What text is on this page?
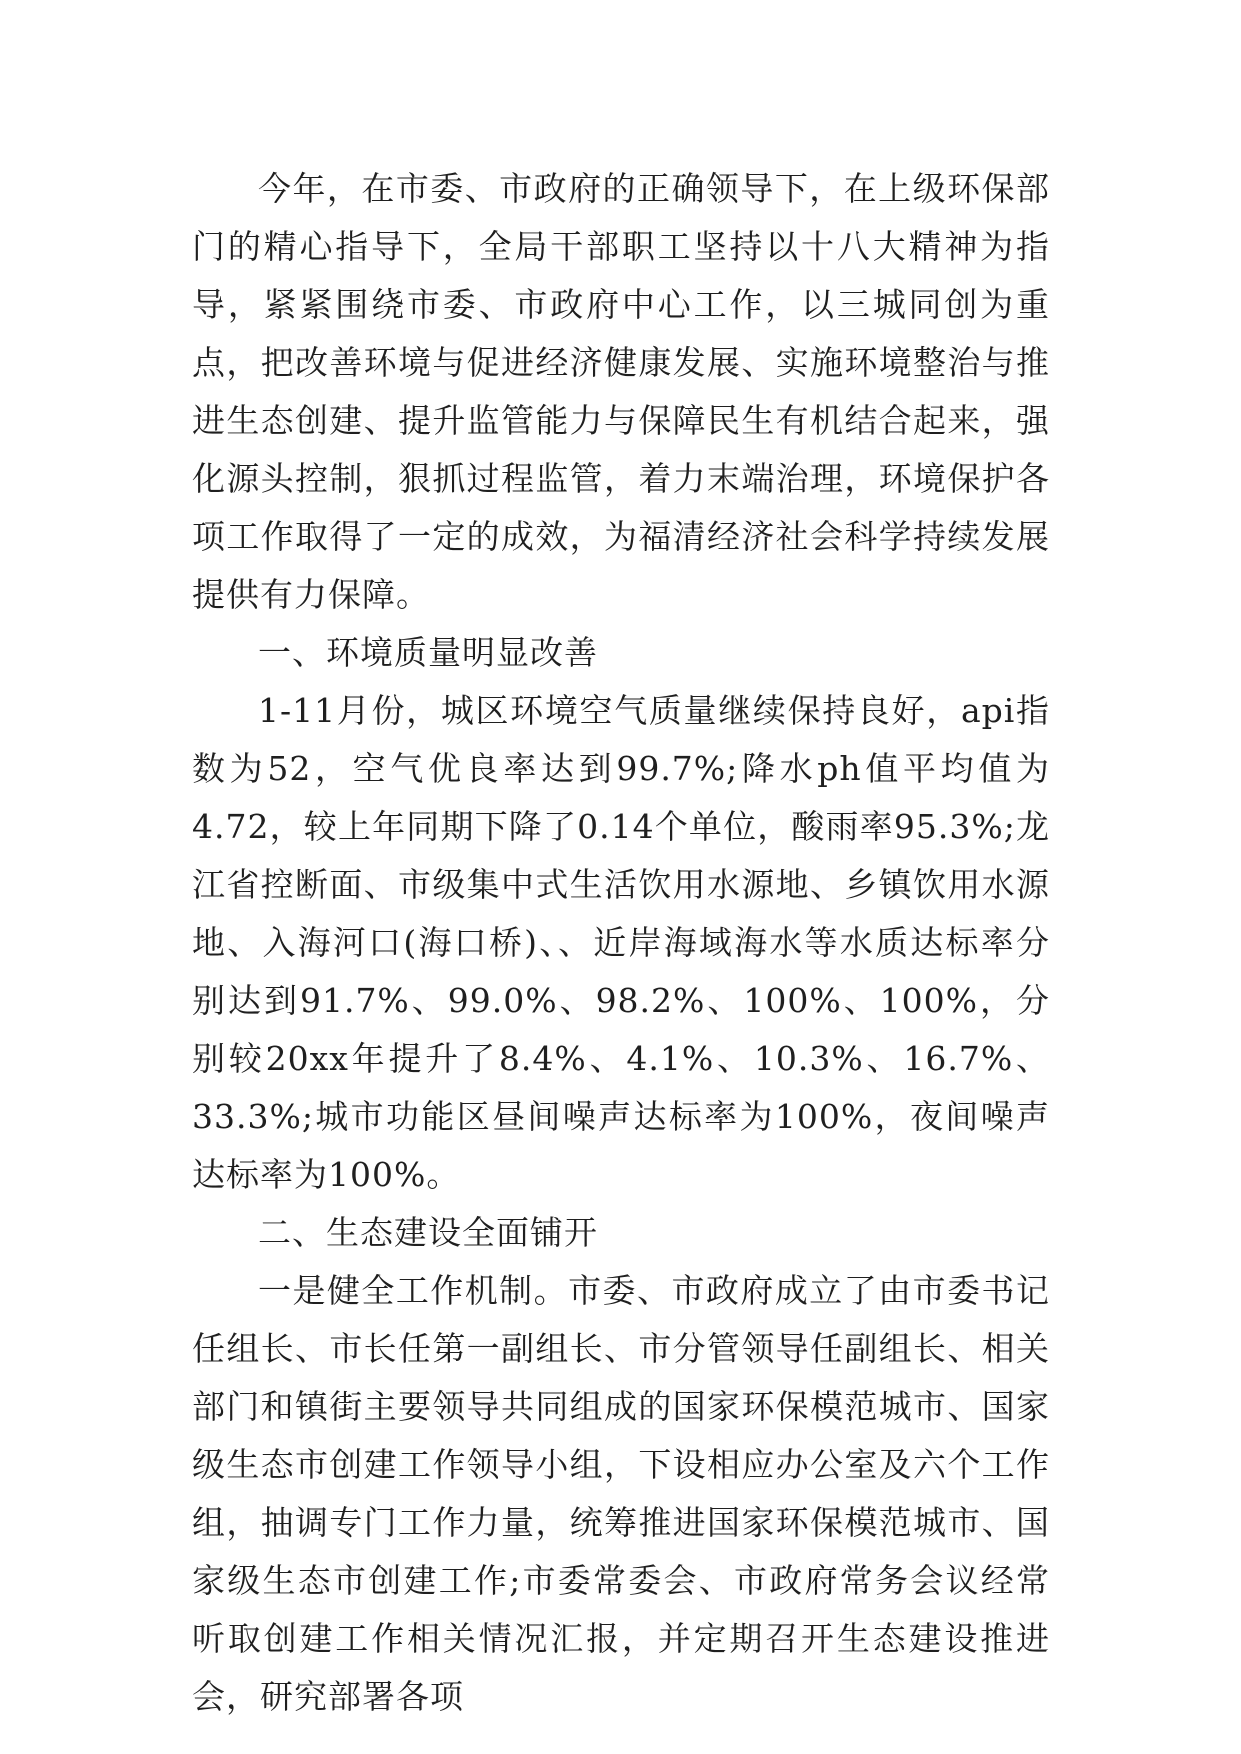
今年，在市委、市政府的正确领导下，在上级环保部门的精心指导下，全局干部职工坚持以十八大精神为指导，紧紧围绕市委、市政府中心工作，以三城同创为重点，把改善环境与促进经济健康发展、实施环境整治与推进生态创建、提升监管能力与保障民生有机结合起来，强化源头控制，狠抓过程监管，着力末端治理，环境保护各项工作取得了一定的成效，为福清经济社会科学持续发展提供有力保障。

一、环境质量明显改善

1-11月份，城区环境空气质量继续保持良好，api指数为52，空气优良率达到99.7%;降水ph值平均值为4.72，较上年同期下降了0.14个单位，酸雨率95.3%;龙江省控断面、市级集中式生活饮用水源地、乡镇饮用水源地、入海河口(海口桥)、、近岸海域海水等水质达标率分别达到91.7%、99.0%、98.2%、100%、100%，分别较20xx年提升了8.4%、4.1%、10.3%、16.7%、33.3%;城市功能区昼间噪声达标率为100%，夜间噪声达标率为100%。

二、生态建设全面铺开

一是健全工作机制。市委、市政府成立了由市委书记任组长、市长任第一副组长、市分管领导任副组长、相关部门和镇街主要领导共同组成的国家环保模范城市、国家级生态市创建工作领导小组，下设相应办公室及六个工作组，抽调专门工作力量，统筹推进国家环保模范城市、国家级生态市创建工作;市委常委会、市政府常务会议经常听取创建工作相关情况汇报，并定期召开生态建设推进会，研究部署各项
